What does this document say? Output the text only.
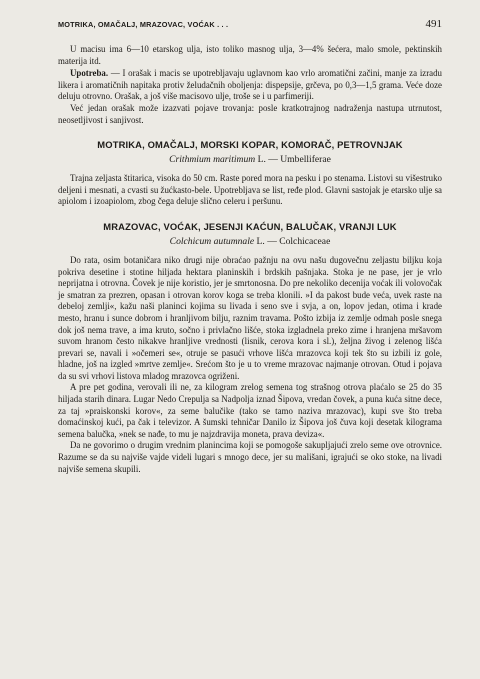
MOTRIKA, OMAČALJ, MRAZOVAC, VOĆAK . . .	491

U macisu ima 6—10 etarskog ulja, isto toliko masnog ulja, 3—4% šećera, malo smole, pektinskih materija itd.

Upotreba. — I orašak i macis se upotrebljavaju uglavnom kao vrlo aromatični začini, manje za izradu likera i aromatičnih napitaka protiv želudačnih oboljenja: dispepsije, grčeva, po 0,3—1,5 grama. Veće doze deluju otrovno. Orašak, a još više macisovo ulje, troše se i u parfimeriji.

Već jedan orašak može izazvati pojave trovanja: posle kratkotrajnog nadraženja nastupa utrnutost, neosetljivost i sanjivost.

MOTRIKA, OMAČALJ, MORSKI KOPAR, KOMORAČ, PETROVNJAK
Crithmium maritimum L. — Umbelliferae

Trajna zeljasta štitarica, visoka do 50 cm. Raste pored mora na pesku i po stenama. Listovi su višestruko deljeni i mesnati, a cvasti su žućkasto-bele. Upotrebljava se list, ređe plod. Glavni sastojak je etarsko ulje sa apiolom i izoapiolom, zbog čega deluje slično celeru i peršunu.

MRAZOVAC, VOĆAK, JESENJI KAĆUN, BALUČAK, VRANJI LUK
Colchicum autumnale L. — Colchicaceae

Do rata, osim botaničara niko drugi nije obraćao pažnju na ovu našu dugovečnu zeljastu biljku koja pokriva desetine i stotine hiljada hektara planinskih i brdskih pašnjaka. Stoka je ne pase, jer je vrlo neprijatna i otrovna. Čovek je nije koristio, jer je smrtonosna. Do pre nekoliko decenija voćak ili volovočak je smatran za prezren, opasan i otrovan korov koga se treba klonili. »I da pakost bude veća, uvek raste na debeloj zemlji«, kažu naši planinci kojima su livada i seno sve i svja, a on, lopov jedan, otima i krade mesto, hranu i sunce dobrom i hranljivom bilju, raznim travama. Pošto izbija iz zemlje odmah posle snega dok još nema trave, a ima kruto, sočno i privlačno lišće, stoka izgladnela preko zime i hranjena mršavom suvom hranom često nikakve hranljive vrednosti (lisnik, cerova kora i sl.), željna živog i zelenog lišća prevari se, navali i »očemeri se«, otruje se pasući vrhove lišća mrazovca koji tek što su izbili iz gole, hladne, još na izgled »mrtve zemlje«. Srećom što je u to vreme mrazovac najmanje otrovan. Otud i pojava da su svi vrhovi listova mladog mrazovca ogriženi.

A pre pet godina, verovali ili ne, za kilogram zrelog semena tog strašnog otrova plaćalo se 25 do 35 hiljada starih dinara. Lugar Nedo Crepulja sa Nadpolja iznad Šipova, vredan čovek, a puna kuća sitne dece, za taj »praiskonski korov«, za seme balučike (tako se tamo naziva mrazovac), kupi sve što treba domaćinskoj kući, pa čak i televizor. A šumski tehničar Danilo iz Šipova još čuva koji desetak kilograma semena balučka, »nek se nađe, to mu je najzdravija moneta, prava deviza«.

Da ne govorimo o drugim vrednim planincima koji se pomogoše sakupljajući zrelo seme ove otrovnice. Razume se da su najviše vajde videli lugari s mnogo dece, jer su mališani, igrajući se oko stoke, na livadi najviše semena skupili.
